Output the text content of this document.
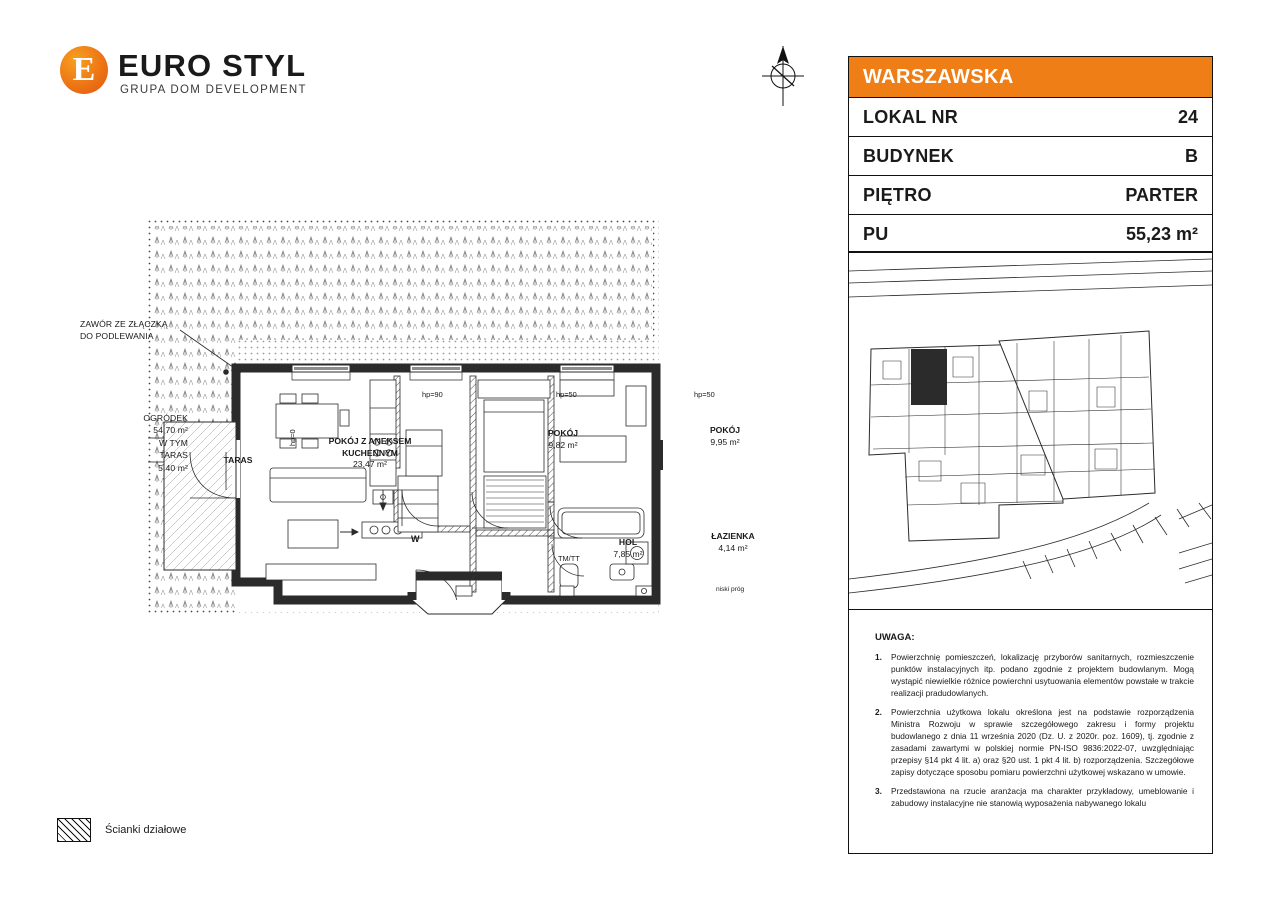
E EURO STYL
GRUPA DOM DEVELOPMENT
WARSZAWSKA
LOKAL NR	24
BUDYNEK	B
PIĘTRO	PARTER
PU	55,23 m²
UWAGA:
1. Powierzchnię pomieszczeń, lokalizację przyborów sanitarnych, rozmieszczenie punktów instalacyjnych itp. podano zgodnie z projektem budowlanym. Mogą wystąpić niewielkie różnice powierchni usytuowania elementów powstałe w trakcie realizacji pradudowlanych.
2. Powierzchnia użytkowa lokalu określona jest na podstawie rozporządzenia Ministra Rozwoju w sprawie szczegółowego zakresu i formy projektu budowlanego z dnia 11 września 2020 (Dz. U. z 2020r. poz. 1609), tj. zgodnie z zasadami zawartymi w polskiej normie PN-ISO 9836:2022-07, uwzględniając przepisy §14 pkt 4 lit. a) oraz §20 ust. 1 pkt 4 lit. b) rozporządzenia. Szczegółowe zapisy dotyczące sposobu pomiaru powierzchni użytkowej wskazano w umowie.
3. Przedstawiona na rzucie aranżacja ma charakter przykładowy, umeblowanie i zabudowy instalacyjne nie stanowią wyposażenia nabywanego lokalu
Ścianki działowe
ZAWÓR ZE ZŁĄCZKĄ
DO PODLEWANIA
OGRÓDEK
54,70 m²
W TYM
TARAS
5,40 m²
TARAS
POKÓJ Z ANEKSEM
KUCHENNYM
23,47 m²
POKÓJ
9,82 m²
POKÓJ
9,95 m²
HOL
7,85 m²
ŁAZIENKA
4,14 m²
hp=90	hp=50	hp=50
hp=0
W
TM/TT
niski próg
